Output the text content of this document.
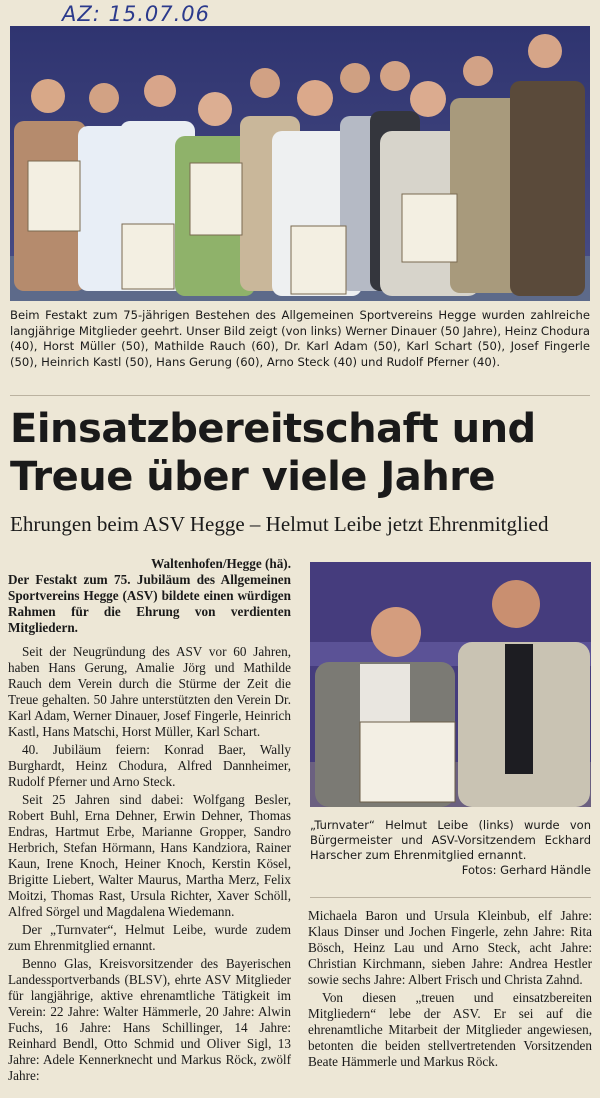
AZ: 15.07.06
Beim Festakt zum 75-jährigen Bestehen des Allgemeinen Sportvereins Hegge wurden zahlreiche langjährige Mitglieder geehrt. Unser Bild zeigt (von links) Werner Dinauer (50 Jahre), Heinz Chodura (40), Horst Müller (50), Mathilde Rauch (60), Dr. Karl Adam (50), Karl Schart (50), Josef Fingerle (50), Heinrich Kastl (50), Hans Gerung (60), Arno Steck (40) und Rudolf Pferner (40).
Einsatzbereitschaft und
Treue über viele Jahre
Ehrungen beim ASV Hegge – Helmut Leibe jetzt Ehrenmitglied
Waltenhofen/Hegge (hä).

Der Festakt zum 75. Jubiläum des Allgemeinen Sportvereins Hegge (ASV) bildete einen würdigen Rahmen für die Ehrung von verdienten Mitgliedern.

Seit der Neugründung des ASV vor 60 Jahren, haben Hans Gerung, Amalie Jörg und Mathilde Rauch dem Verein durch die Stürme der Zeit die Treue gehalten. 50 Jahre unterstützten den Verein Dr. Karl Adam, Werner Dinauer, Josef Fingerle, Heinrich Kastl, Hans Matschi, Horst Müller, Karl Schart.

40. Jubiläum feiern: Konrad Baer, Wally Burghardt, Heinz Chodura, Alfred Dannheimer, Rudolf Pferner und Arno Steck.

Seit 25 Jahren sind dabei: Wolfgang Besler, Robert Buhl, Erna Dehner, Erwin Dehner, Thomas Endras, Hartmut Erbe, Marianne Gropper, Sandro Herbrich, Stefan Hörmann, Hans Kandziora, Rainer Kaun, Irene Knoch, Heiner Knoch, Kerstin Kösel, Brigitte Liebert, Walter Maurus, Martha Merz, Felix Moitzi, Thomas Rast, Ursula Richter, Xaver Schöll, Alfred Sörgel und Magdalena Wiedemann.

Der „Turnvater“, Helmut Leibe, wurde zudem zum Ehrenmitglied ernannt.

Benno Glas, Kreisvorsitzender des Bayerischen Landessportverbands (BLSV), ehrte ASV Mitglieder für langjährige, aktive ehrenamtliche Tätigkeit im Verein: 22 Jahre: Walter Hämmerle, 20 Jahre: Alwin Fuchs, 16 Jahre: Hans Schillinger, 14 Jahre: Reinhard Bendl, Otto Schmid und Oliver Sigl, 13 Jahre: Adele Kennerknecht und Markus Röck, zwölf Jahre:

„Turnvater“ Helmut Leibe (links) wurde von Bürgermeister und ASV-Vorsitzendem Eckhard Harscher zum Ehrenmitglied ernannt.
Fotos: Gerhard Händle

Michaela Baron und Ursula Kleinbub, elf Jahre: Klaus Dinser und Jochen Fingerle, zehn Jahre: Rita Bösch, Heinz Lau und Arno Steck, acht Jahre: Christian Kirchmann, sieben Jahre: Andrea Hestler sowie sechs Jahre: Albert Frisch und Christa Zahnd.

Von diesen „treuen und einsatzbereiten Mitgliedern“ lebe der ASV. Er sei auf die ehrenamtliche Mitarbeit der Mitglieder angewiesen, betonten die beiden stellvertretenden Vorsitzenden Beate Hämmerle und Markus Röck.
